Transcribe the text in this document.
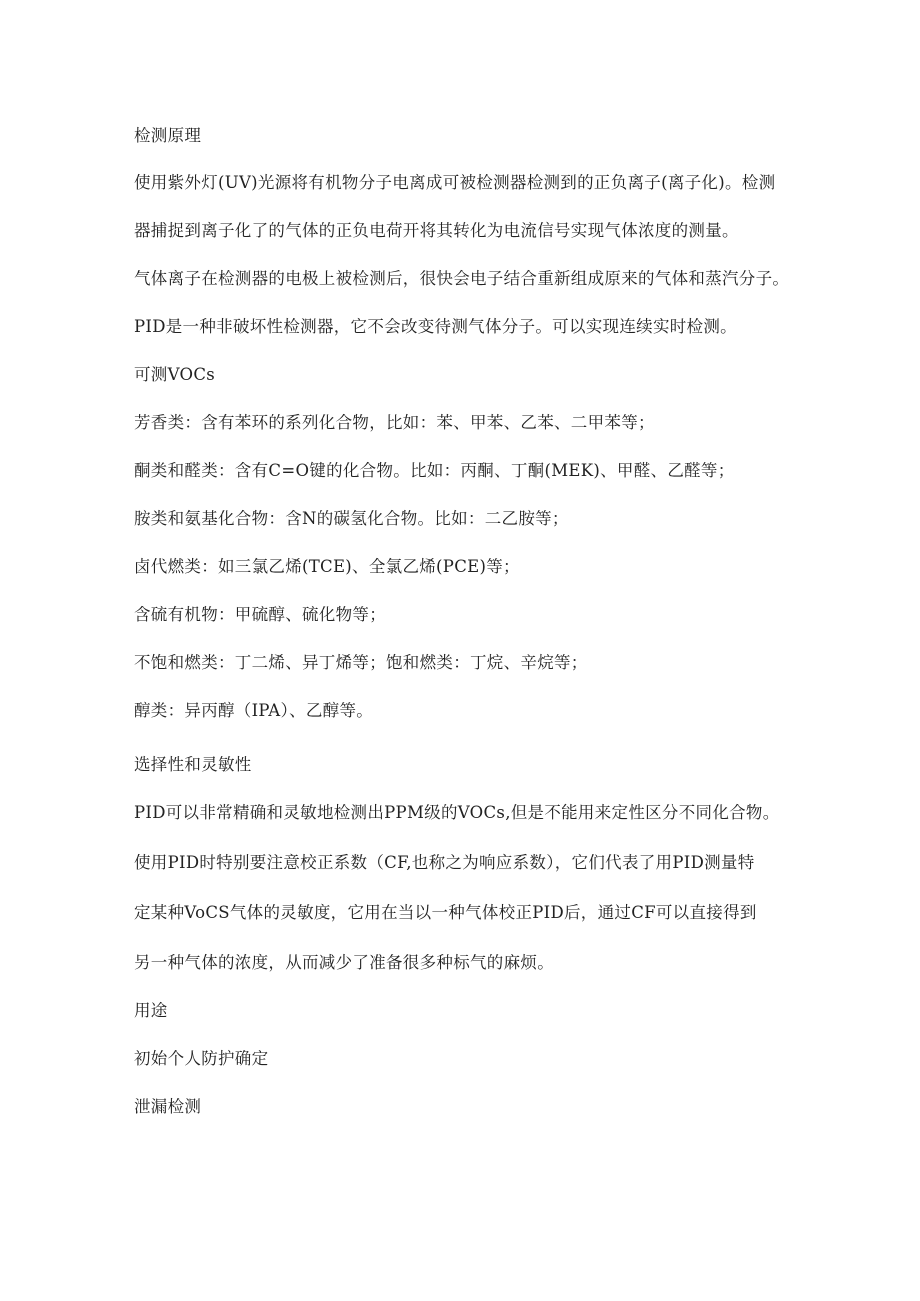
检测原理
使用紫外灯(UV)光源将有机物分子电离成可被检测器检测到的正负离子(离子化)。检测
器捕捉到离子化了的气体的正负电荷开将其转化为电流信号实现气体浓度的测量。
气体离子在检测器的电极上被检测后，很快会电子结合重新组成原来的气体和蒸汽分子。
PID是一种非破坏性检测器，它不会改变待测气体分子。可以实现连续实时检测。
可测VOCs
芳香类：含有苯环的系列化合物，比如：苯、甲苯、乙苯、二甲苯等；
酮类和醛类：含有C=O键的化合物。比如：丙酮、丁酮(MEK)、甲醛、乙醛等；
胺类和氨基化合物：含N的碳氢化合物。比如：二乙胺等；
卤代燃类：如三氯乙烯(TCE)、全氯乙烯(PCE)等；
含硫有机物：甲硫醇、硫化物等；
不饱和燃类：丁二烯、异丁烯等；饱和燃类：丁烷、辛烷等；
醇类：异丙醇（IPA）、乙醇等。
选择性和灵敏性
PID可以非常精确和灵敏地检测出PPM级的VOCs,但是不能用来定性区分不同化合物。
使用PID时特别要注意校正系数（CF,也称之为响应系数），它们代表了用PID测量特
定某种VoCS气体的灵敏度，它用在当以一种气体校正PID后，通过CF可以直接得到
另一种气体的浓度，从而减少了准备很多种标气的麻烦。
用途
初始个人防护确定
泄漏检测
